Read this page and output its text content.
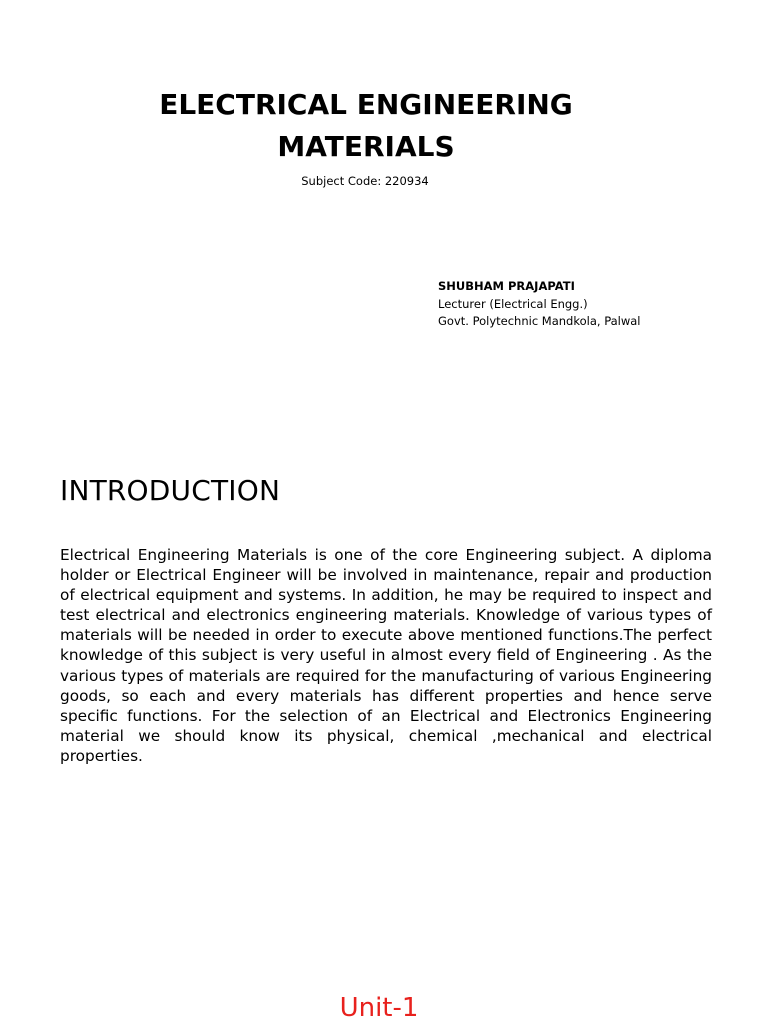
ELECTRICAL ENGINEERING
MATERIALS
Subject Code: 220934
SHUBHAM PRAJAPATI
Lecturer (Electrical Engg.)
Govt. Polytechnic Mandkola, Palwal
INTRODUCTION

Electrical Engineering Materials is one of the core Engineering subject. A diploma holder or Electrical Engineer will be involved in maintenance, repair and production of electrical equipment and systems. In addition, he may be required to inspect and test electrical and electronics engineering materials. Knowledge of various types of materials will be needed in order to execute above mentioned functions.The perfect knowledge of this subject is very useful in almost every field of Engineering . As the various types of materials are required for the manufacturing of various Engineering goods, so each and every materials has different properties and hence serve specific functions. For the selection of an Electrical and Electronics Engineering material we should know its physical, chemical ,mechanical and electrical properties.

Unit-1
